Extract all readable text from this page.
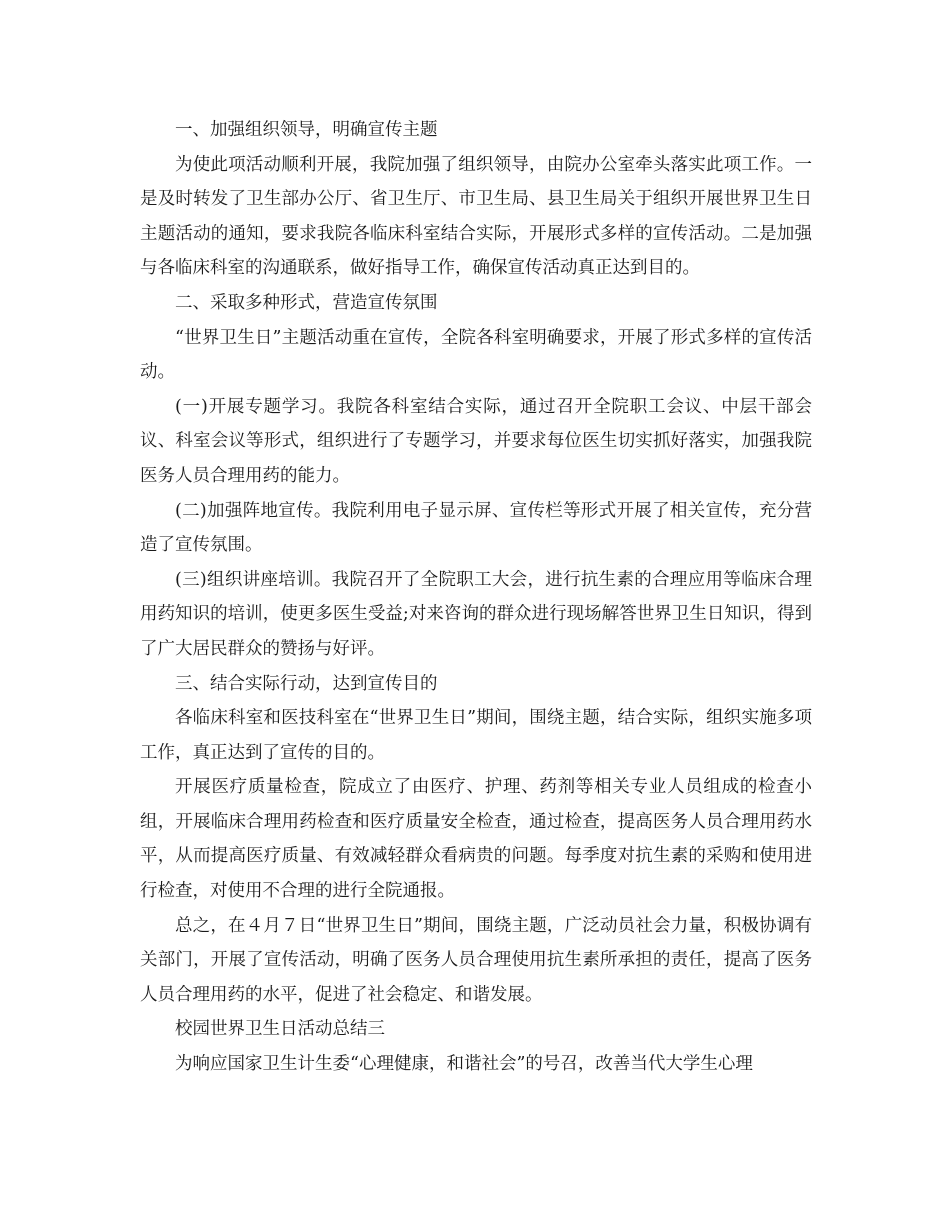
一、加强组织领导，明确宣传主题

为使此项活动顺利开展，我院加强了组织领导，由院办公室牵头落实此项工作。一是及时转发了卫生部办公厅、省卫生厅、市卫生局、县卫生局关于组织开展世界卫生日主题活动的通知，要求我院各临床科室结合实际，开展形式多样的宣传活动。二是加强与各临床科室的沟通联系，做好指导工作，确保宣传活动真正达到目的。

二、采取多种形式，营造宣传氛围

“世界卫生日”主题活动重在宣传，全院各科室明确要求，开展了形式多样的宣传活动。

(一)开展专题学习。我院各科室结合实际，通过召开全院职工会议、中层干部会议、科室会议等形式，组织进行了专题学习，并要求每位医生切实抓好落实，加强我院医务人员合理用药的能力。

(二)加强阵地宣传。我院利用电子显示屏、宣传栏等形式开展了相关宣传，充分营造了宣传氛围。

(三)组织讲座培训。我院召开了全院职工大会，进行抗生素的合理应用等临床合理用药知识的培训，使更多医生受益;对来咨询的群众进行现场解答世界卫生日知识，得到了广大居民群众的赞扬与好评。

三、结合实际行动，达到宣传目的

各临床科室和医技科室在“世界卫生日”期间，围绕主题，结合实际，组织实施多项工作，真正达到了宣传的目的。

开展医疗质量检查，院成立了由医疗、护理、药剂等相关专业人员组成的检查小组，开展临床合理用药检查和医疗质量安全检查，通过检查，提高医务人员合理用药水平，从而提高医疗质量、有效减轻群众看病贵的问题。每季度对抗生素的采购和使用进行检查，对使用不合理的进行全院通报。

总之，在４月７日“世界卫生日”期间，围绕主题，广泛动员社会力量，积极协调有关部门，开展了宣传活动，明确了医务人员合理使用抗生素所承担的责任，提高了医务人员合理用药的水平，促进了社会稳定、和谐发展。

校园世界卫生日活动总结三

为响应国家卫生计生委“心理健康，和谐社会”的号召，改善当代大学生心理
